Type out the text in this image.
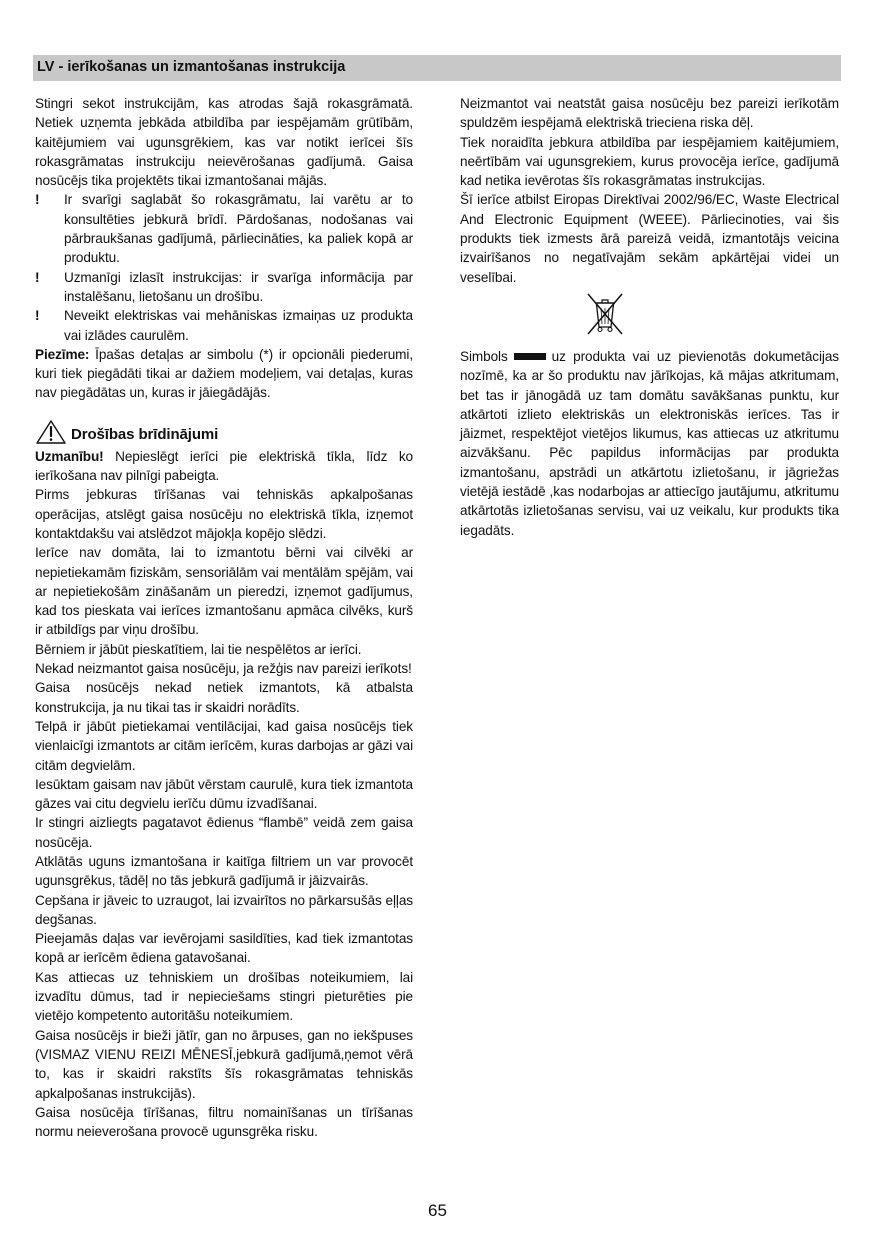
LV - ierīkošanas un izmantošanas instrukcija

Stingri sekot instrukcijām, kas atrodas šajā rokasgrāmatā. Netiek uzņemta jebkāda atbildība par iespējamām grūtībām, kaitējumiem vai ugunsgrēkiem, kas var notikt ierīcei šīs rokasgrāmatas instrukciju neievērošanas gadījumā. Gaisa nosūcējs tika projektēts tikai izmantošanai mājās.

!	Ir svarīgi saglabāt šo rokasgrāmatu, lai varētu ar to konsultēties jebkurā brīdī. Pārdošanas, nodošanas vai pārbraukšanas gadījumā, pārliecināties, ka paliek kopā ar produktu.
!	Uzmanīgi izlasīt instrukcijas: ir svarīga informācija par instalēšanu, lietošanu un drošību.
!	Neveikt elektriskas vai mehāniskas izmaiņas uz produkta vai izlādes caurulēm.

Piezīme: Īpašas detaļas ar simbolu (*) ir opcionāli piederumi, kuri tiek piegādāti tikai ar dažiem modeļiem, vai detaļas, kuras nav piegādātas un, kuras ir jāiegādājās.

Drošības brīdinājumi

Uzmanību! Nepieslēgt ierīci pie elektriskā tīkla, līdz ko ierīkošana nav pilnīgi pabeigta.

Pirms jebkuras tīrīšanas vai tehniskās apkalpošanas operācijas, atslēgt gaisa nosūcēju no elektriskā tīkla, izņemot kontaktdakšu vai atslēdzot mājokļa kopējo slēdzi.

Ierīce nav domāta, lai to izmantotu bērni vai cilvēki ar nepietiekamām fiziskām, sensoriālām vai mentālām spējām, vai ar nepietiekošām zināšanām un pieredzi, izņemot gadījumus, kad tos pieskata vai ierīces izmantošanu apmāca cilvēks, kurš ir atbildīgs par viņu drošību.

Bērniem ir jābūt pieskatītiem, lai tie nespēlētos ar ierīci.

Nekad neizmantot gaisa nosūcēju, ja režģis nav pareizi ierīkots!

Gaisa nosūcējs nekad netiek izmantots, kā atbalsta konstrukcija, ja nu tikai tas ir skaidri norādīts.

Telpā ir jābūt pietiekamai ventilācijai, kad gaisa nosūcējs tiek vienlaicīgi izmantots ar citām ierīcēm, kuras darbojas ar gāzi vai citām degvielām.

Iesūktam gaisam nav jābūt vērstam caurulē, kura tiek izmantota gāzes vai citu degvielu ierīču dūmu izvadīšanai.

Ir stingri aizliegts pagatavot ēdienus “flambē” veidā zem gaisa nosūcēja.

Atklātās uguns izmantošana ir kaitīga filtriem un var provocēt ugunsgrēkus, tādēļ no tās jebkurā gadījumā ir jāizvairās.

Cepšana ir jāveic to uzraugot, lai izvairītos no pārkarsušās eļļas degšanas.

Pieejamās daļas var ievērojami sasildīties, kad tiek izmantotas kopā ar ierīcēm ēdiena gatavošanai.

Kas attiecas uz tehniskiem un drošības noteikumiem, lai izvadītu dūmus, tad ir nepieciešams stingri pieturēties pie vietējo kompetento autoritāšu noteikumiem.

Gaisa nosūcējs ir bieži jātīr, gan no ārpuses, gan no iekšpuses (VISMAZ VIENU REIZI MĒNESĪ,jebkurā gadījumā,ņemot vērā to, kas ir skaidri rakstīts šīs rokasgrāmatas tehniskās apkalpošanas instrukcijās).

Gaisa nosūcēja tīrīšanas, filtru nomainīšanas un tīrīšanas normu neieverošana provocē ugunsgrēka risku.

Neizmantot vai neatstāt gaisa nosūcēju bez pareizi ierīkotām spuldzēm iespējamā elektriskā trieciena riska dēļ.

Tiek noraidīta jebkura atbildība par iespējamiem kaitējumiem, neērtībām vai ugunsgrekiem, kurus provocēja ierīce, gadījumā kad netika ievērotas šīs rokasgrāmatas instrukcijas.

Šī ierīce atbilst Eiropas Direktīvai 2002/96/EC, Waste Electrical And Electronic Equipment (WEEE). Pārliecinoties, vai šis produkts tiek izmests ārā pareizā veidā, izmantotājs veicina izvairīšanos no negatīvajām sekām apkārtējai videi un veselībai.

Simbols	uz produkta vai uz pievienotās dokumetācijas nozīmē, ka ar šo produktu nav jārīkojas, kā mājas atkritumam, bet tas ir jānogādā uz tam domātu savākšanas punktu, kur atkārtoti izlieto elektriskās un elektroniskās ierīces. Tas ir jāizmet, respektējot vietējos likumus, kas attiecas uz atkritumu aizvākšanu. Pēc papildus informācijas par produkta izmantošanu, apstrādi un atkārtotu izlietošanu, ir jāgriežas vietējā iestādē ,kas nodarbojas ar attiecīgo jautājumu, atkritumu atkārtotās izlietošanas servisu, vai uz veikalu, kur produkts tika iegadāts.

65
